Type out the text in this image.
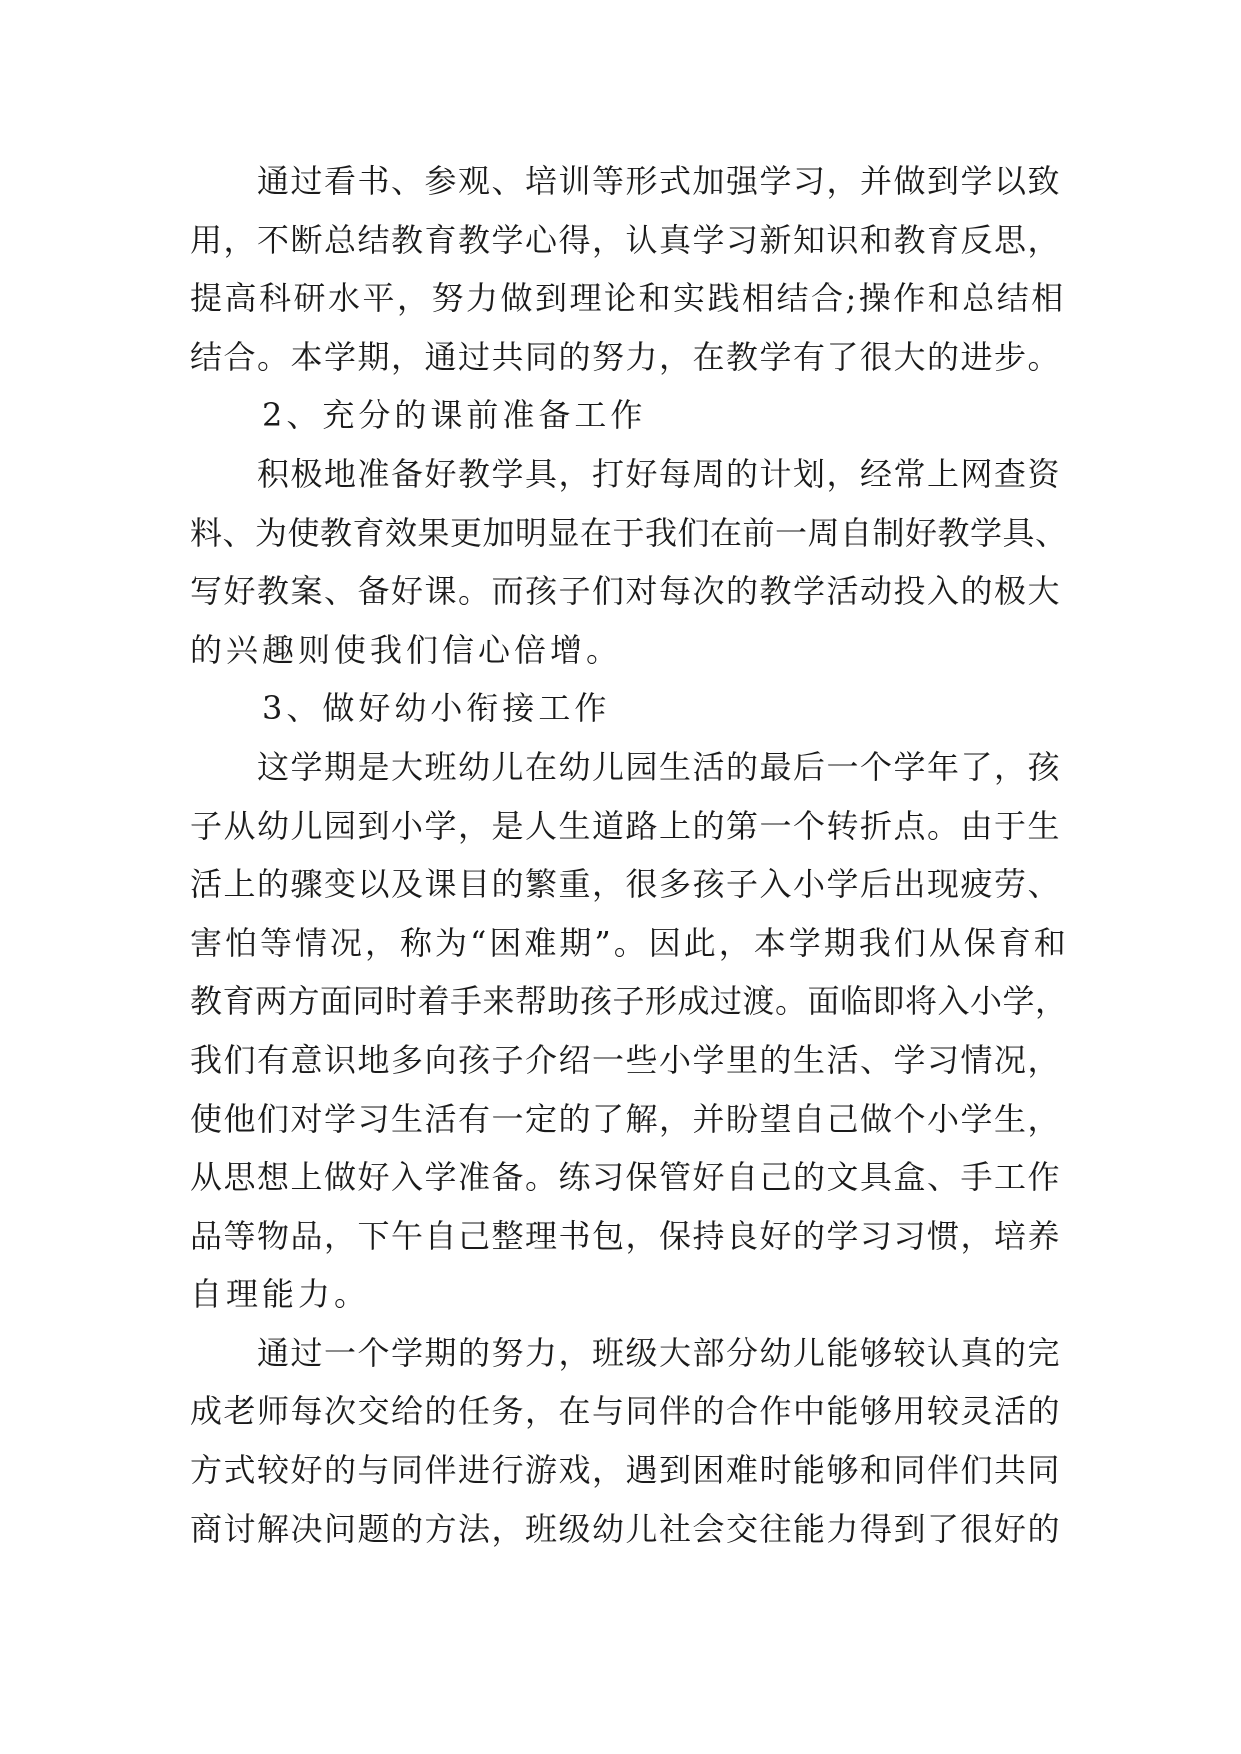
　　通过看书、参观、培训等形式加强学习，并做到学以致
用，不断总结教育教学心得，认真学习新知识和教育反思，
提高科研水平，努力做到理论和实践相结合;操作和总结相
结合。本学期，通过共同的努力，在教学有了很大的进步。
　　2、充分的课前准备工作
　　积极地准备好教学具，打好每周的计划，经常上网查资
料、为使教育效果更加明显在于我们在前一周自制好教学具、
写好教案、备好课。而孩子们对每次的教学活动投入的极大
的兴趣则使我们信心倍增。
　　3、做好幼小衔接工作
　　这学期是大班幼儿在幼儿园生活的最后一个学年了，孩
子从幼儿园到小学，是人生道路上的第一个转折点。由于生
活上的骤变以及课目的繁重，很多孩子入小学后出现疲劳、
害怕等情况，称为“困难期”。因此，本学期我们从保育和
教育两方面同时着手来帮助孩子形成过渡。面临即将入小学，
我们有意识地多向孩子介绍一些小学里的生活、学习情况，
使他们对学习生活有一定的了解，并盼望自己做个小学生，
从思想上做好入学准备。练习保管好自己的文具盒、手工作
品等物品，下午自己整理书包，保持良好的学习习惯，培养
自理能力。
　　通过一个学期的努力，班级大部分幼儿能够较认真的完
成老师每次交给的任务，在与同伴的合作中能够用较灵活的
方式较好的与同伴进行游戏，遇到困难时能够和同伴们共同
商讨解决问题的方法，班级幼儿社会交往能力得到了很好的
